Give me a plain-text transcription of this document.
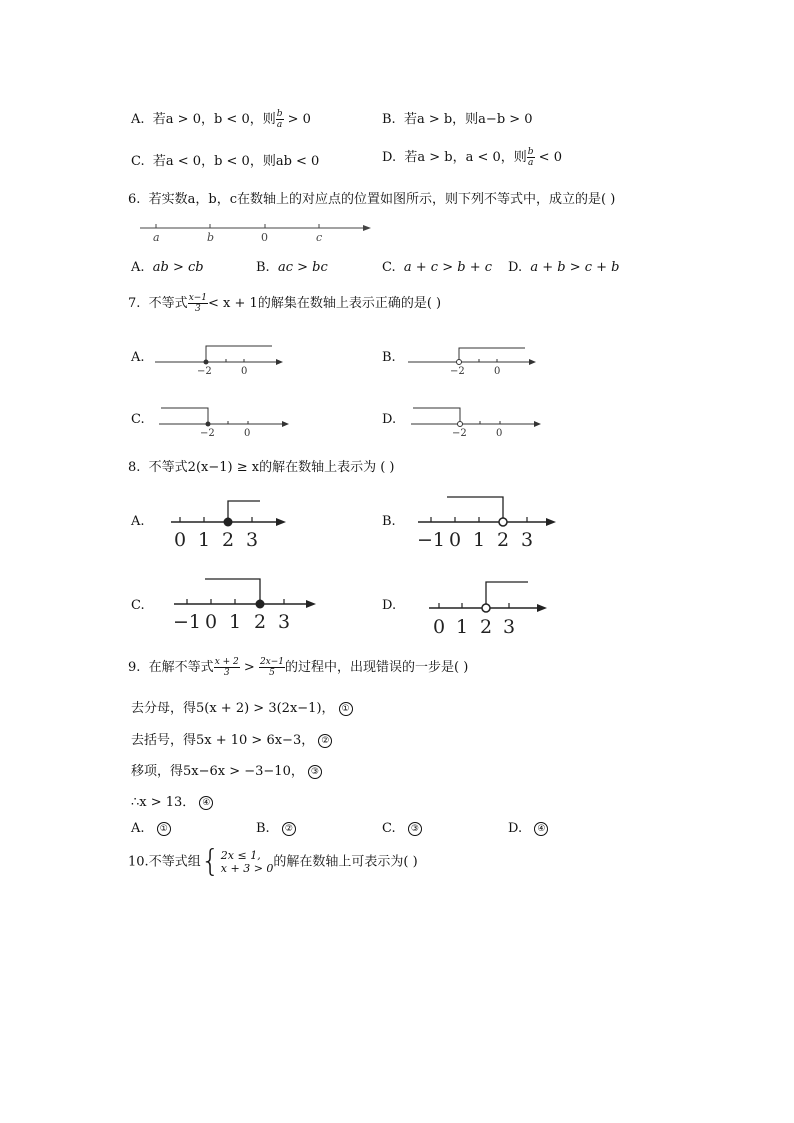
A. 若a > 0，b < 0，则 $\frac{b}{a} > 0$	B. 若a > b，则a−b > 0
C. 若a < 0，b < 0，则ab < 0	D. 若a > b，a < 0，则 $\frac{b}{a} < 0$
6. 若实数a，b，c在数轴上的对应点的位置如图所示，则下列不等式中，成立的是( )
a	b	0	c
A. ab > cb	B. ac > bc	C. a + c > b + c D. a + b > c + b
7. 不等式 $\frac{x-1}{3} < x + 1$的解集在数轴上表示正确的是( )
A.
−2	0
B.
−2	0
C.
−2	0
D.
−2	0
8. 不等式2(x−1) ≥ x的解在数轴上表示为 ( )
A.
0 1 2 3
B.
−1 0 1 2 3
C.
−1 0 1 2 3
D.
0 1 2 3
9. 在解不等式 $\frac{x + 2}{3} > \frac{2x-1}{5}$ 的过程中，出现错误的一步是( )
去分母，得5(x + 2) > 3(2x−1)， ①
去括号，得5x + 10 > 6x−3， ②
移项，得5x−6x > −3−10， ③
∴x > 13． ④
A. ①	B. ②	C. ③	D. ④
10.不等式组 { 2x ≤ 1,
x + 3 > 0 的解在数轴上可表示为( )
